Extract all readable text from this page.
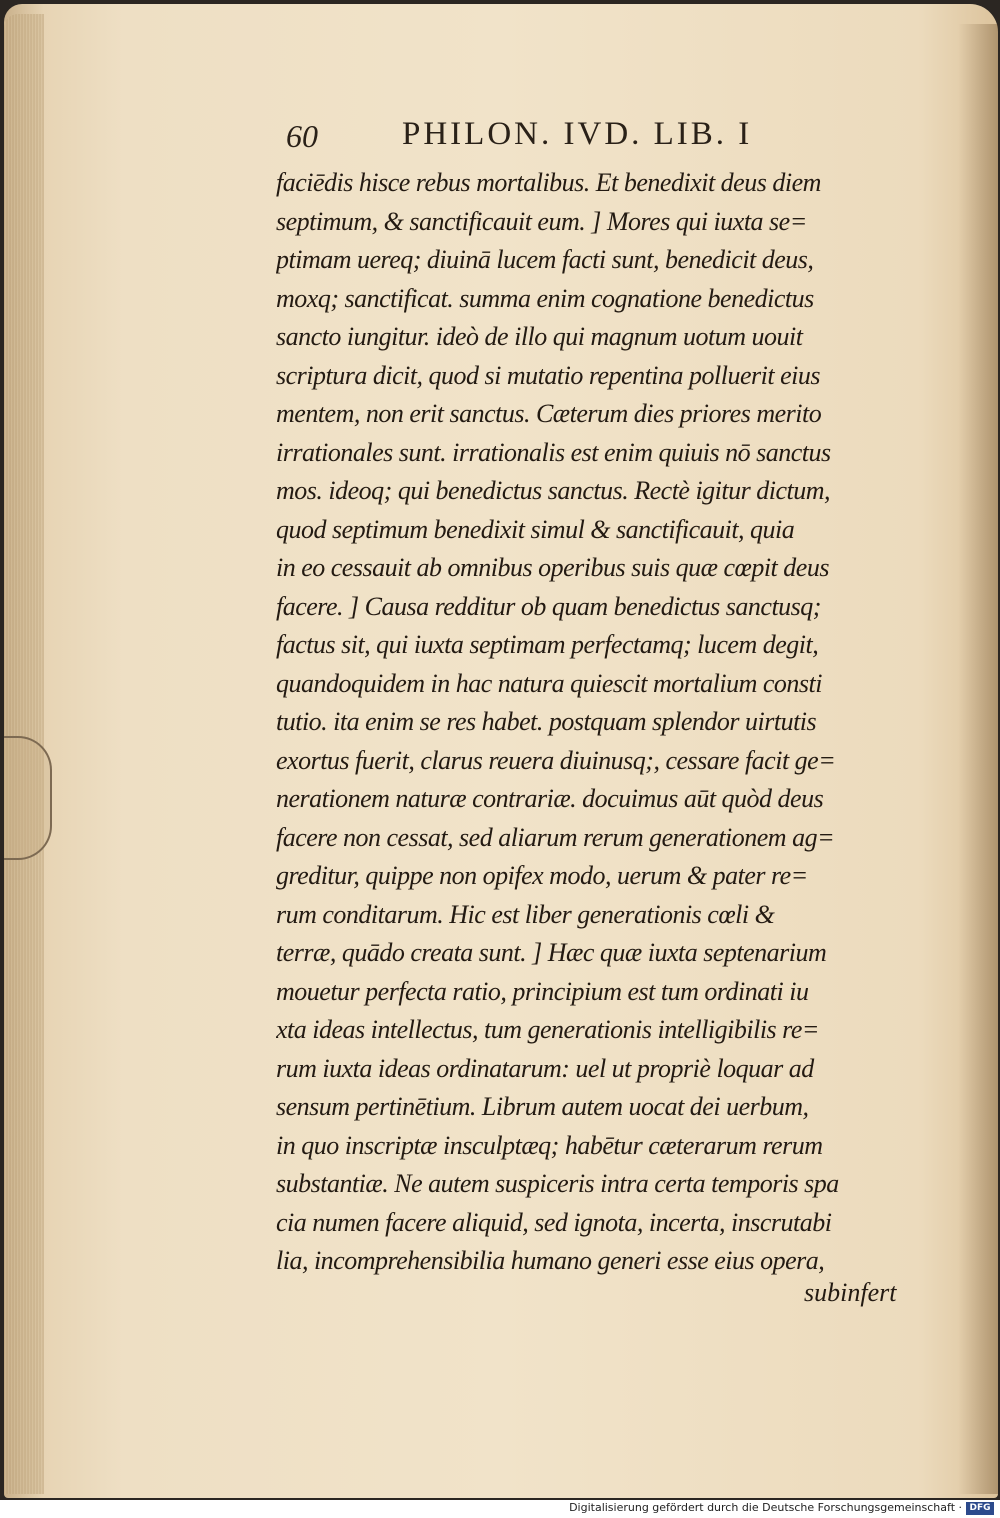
60	PHILON. IVD. LIB. I
faciēdis hisce rebus mortalibus. Et benedixit deus diem
septimum, & sanctificauit eum. ] Mores qui iuxta se=
ptimam uereq; diuinā lucem facti sunt, benedicit deus,
moxq; sanctificat. summa enim cognatione benedictus
sancto iungitur. ideò de illo qui magnum uotum uouit
scriptura dicit, quod si mutatio repentina polluerit eius
mentem, non erit sanctus. Cæterum dies priores merito
irrationales sunt. irrationalis est enim quiuis nō sanctus
mos. ideoq; qui benedictus sanctus. Rectè igitur dictum,
quod septimum benedixit simul & sanctificauit, quia
in eo cessauit ab omnibus operibus suis quæ cœpit deus
facere. ] Causa redditur ob quam benedictus sanctusq;
factus sit, qui iuxta septimam perfectamq; lucem degit,
quandoquidem in hac natura quiescit mortalium consti
tutio. ita enim se res habet. postquam splendor uirtutis
exortus fuerit, clarus reuera diuinusq;, cessare facit ge=
nerationem naturæ contrariæ. docuimus aūt quòd deus
facere non cessat, sed aliarum rerum generationem ag=
greditur, quippe non opifex modo, uerum & pater re=
rum conditarum. Hic est liber generationis cœli &
terræ, quādo creata sunt. ] Hæc quæ iuxta septenarium
mouetur perfecta ratio, principium est tum ordinati iu
xta ideas intellectus, tum generationis intelligibilis re=
rum iuxta ideas ordinatarum: uel ut propriè loquar ad
sensum pertinētium. Librum autem uocat dei uerbum,
in quo inscriptæ insculptæq; habētur cæterarum rerum
substantiæ. Ne autem suspiceris intra certa temporis spa
cia numen facere aliquid, sed ignota, incerta, inscrutabi
lia, incomprehensibilia humano generi esse eius opera,
subinfert
Digitalisierung gefördert durch die Deutsche Forschungsgemeinschaft · DFG
